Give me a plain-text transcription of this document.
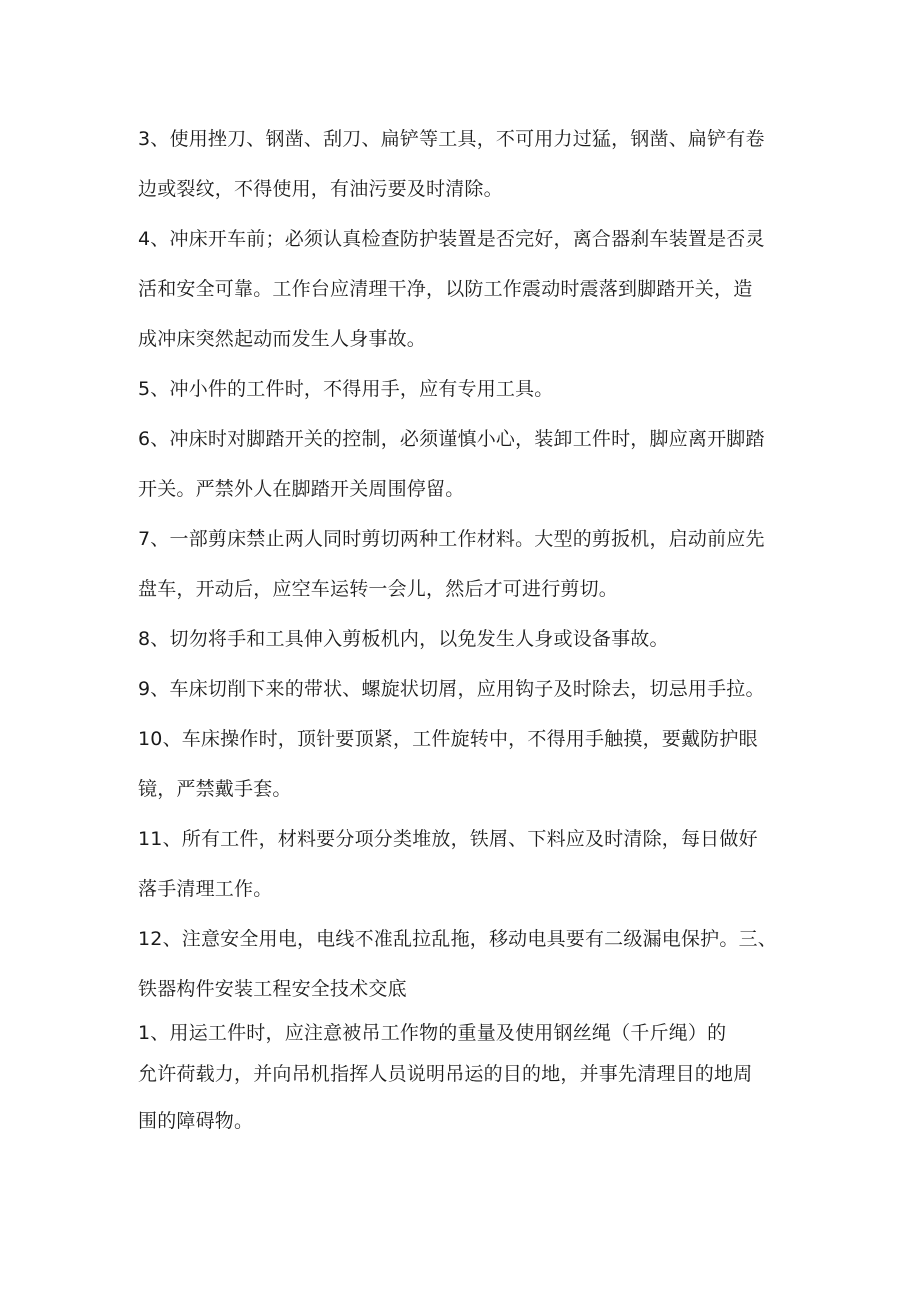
3、使用挫刀、钢凿、刮刀、扁铲等工具，不可用力过猛，钢凿、扁铲有卷
边或裂纹，不得使用，有油污要及时清除。
4、冲床开车前；必须认真检查防护装置是否完好，离合器刹车装置是否灵
活和安全可靠。工作台应清理干净，以防工作震动时震落到脚踏开关，造
成冲床突然起动而发生人身事故。
5、冲小件的工件时，不得用手，应有专用工具。
6、冲床时对脚踏开关的控制，必须谨慎小心，装卸工件时，脚应离开脚踏
开关。严禁外人在脚踏开关周围停留。
7、一部剪床禁止两人同时剪切两种工作材料。大型的剪扳机，启动前应先
盘车，开动后，应空车运转一会儿，然后才可进行剪切。
8、切勿将手和工具伸入剪板机内，以免发生人身或设备事故。
9、车床切削下来的带状、螺旋状切屑，应用钩子及时除去，切忌用手拉。
10、车床操作时，顶针要顶紧，工件旋转中，不得用手触摸，要戴防护眼
镜，严禁戴手套。
11、所有工件，材料要分项分类堆放，铁屑、下料应及时清除，每日做好
落手清理工作。
12、注意安全用电，电线不准乱拉乱拖，移动电具要有二级漏电保护。三、
铁器构件安装工程安全技术交底
1、用运工件时，应注意被吊工作物的重量及使用钢丝绳（千斤绳）的
允许荷载力，并向吊机指挥人员说明吊运的目的地，并事先清理目的地周
围的障碍物。
